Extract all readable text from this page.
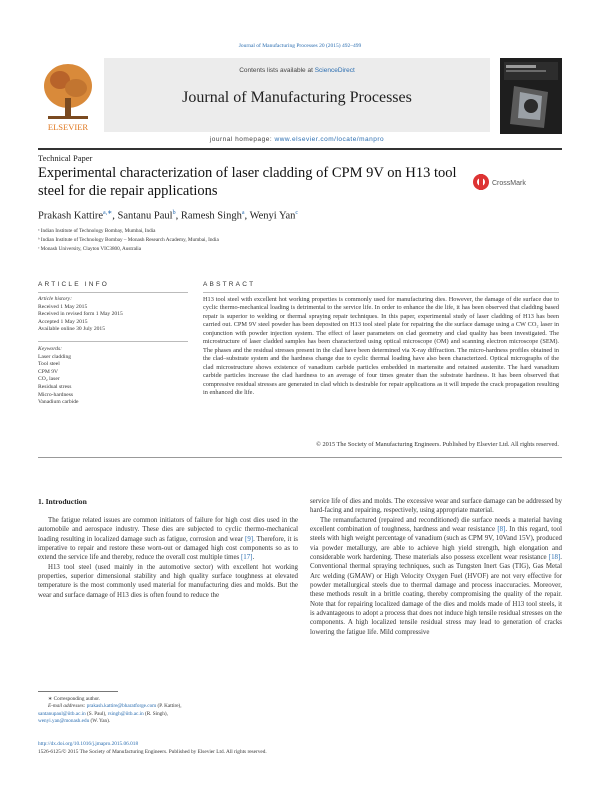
Journal of Manufacturing Processes 20 (2015) 492–499
ELSEVIER
Contents lists available at ScienceDirect
Journal of Manufacturing Processes
journal homepage: www.elsevier.com/locate/manpro
Technical Paper
Experimental characterization of laser cladding of CPM 9V on H13 tool steel for die repair applications	CrossMark
Prakash Kattire$^{a,∗}$, Santanu Paul$^b$, Ramesh Singh$^a$, Wenyi Yan$^c$
ᵃ Indian Institute of Technology Bombay, Mumbai, India
ᵇ Indian Institute of Technology Bombay – Monash Research Academy, Mumbai, India
ᶜ Monash University, Clayton VIC3800, Australia
ARTICLE INFO	ABSTRACT
Article history:
Received 1 May 2015
Received in revised form 1 May 2015
Accepted 1 May 2015
Available online 30 July 2015
Keywords:
Laser cladding
Tool steel
CPM 9V
CO₂ laser
Residual stress
Micro-hardness
Vanadium carbide
H13 tool steel with excellent hot working properties is commonly used for manufacturing dies. However, the damage of die surface due to cyclic thermo-mechanical loading is detrimental to the service life. In order to enhance the die life, it has been observed that cladding based repair is superior to welding or thermal spraying repair techniques. In this paper, experimental study of laser cladding of H13 has been carried out. CPM 9V steel powder has been deposited on H13 tool steel plate for repairing the die surface damage using a CW CO₂ laser in conjunction with powder injection system. The effect of laser parameters on clad geometry and clad quality has been investigated. The microstructure of laser cladded samples has been characterized using optical microscope (OM) and scanning electron microscope (SEM). The phases and the residual stresses present in the clad have been determined via X-ray diffraction. The micro-hardness profiles obtained in the clad–substrate system and the hardness change due to cyclic thermal loading have also been characterized. Optical micrographs of the clad microstructure shows existence of vanadium carbide particles embedded in martensite and retained austenite. The hard vanadium carbide particles increase the clad hardness to an average of four times greater than the substrate hardness. It has been observed that compressive residual stresses are generated in clad which is desirable for repair applications as it will impede the crack propagation resulting in enhanced die life.
© 2015 The Society of Manufacturing Engineers. Published by Elsevier Ltd. All rights reserved.
1. Introduction

The fatigue related issues are common initiators of failure for high cost dies used in the automobile and aerospace industry. These dies are subjected to cyclic thermo-mechanical loading resulting in localized damage such as fatigue, corrosion and wear [9]. Therefore, it is imperative to repair and restore these worn-out or damaged high cost components so as to extend the service life and thereby, reduce the overall cost multiple times [17].

H13 tool steel (used mainly in the automotive sector) with excellent hot working properties, superior dimensional stability and high quality surface toughness at elevated temperature is the most commonly used material for manufacturing dies and molds. But the wear and surface damage of H13 dies is often found to reduce the

service life of dies and molds. The excessive wear and surface damage can be addressed by hard-facing and repairing, respectively, using appropriate material.

The remanufactured (repaired and reconditioned) die surface needs a material having excellent combination of toughness, hardness and wear resistance [8]. In this regard, tool steels with high weight percentage of vanadium (such as CPM 9V, 10Vand 15V), produced via powder metallurgy, are able to achieve high yield strength, high elongation and considerable work hardening. These materials also possess excellent wear resistance [18]. Conventional thermal spraying techniques, such as Tungsten Inert Gas (TIG), Gas Metal Arc welding (GMAW) or High Velocity Oxygen Fuel (HVOF) are not very effective for powder metallurgical steels due to thermal damage and process inaccuracies. Moreover, these methods result in a brittle coating, thereby compromising the quality of the repair. Note that for repairing localized damage of the dies and molds made of H13 tool steels, it is advantageous to adopt a process that does not induce high tensile residual stresses on the components. A high localized tensile residual stress may lead to generation of cracks lowering the fatigue life. Mild compressive

∗ Corresponding author.
E-mail addresses: prakash.kattire@bharatforge.com (P. Kattire),
santanupaul@iitb.ac.in (S. Paul), rsingh@iitb.ac.in (R. Singh),
wenyi.yan@monash.edu (W. Yan).
http://dx.doi.org/10.1016/j.jmapro.2015.06.018
1526-6125/© 2015 The Society of Manufacturing Engineers. Published by Elsevier Ltd. All rights reserved.
